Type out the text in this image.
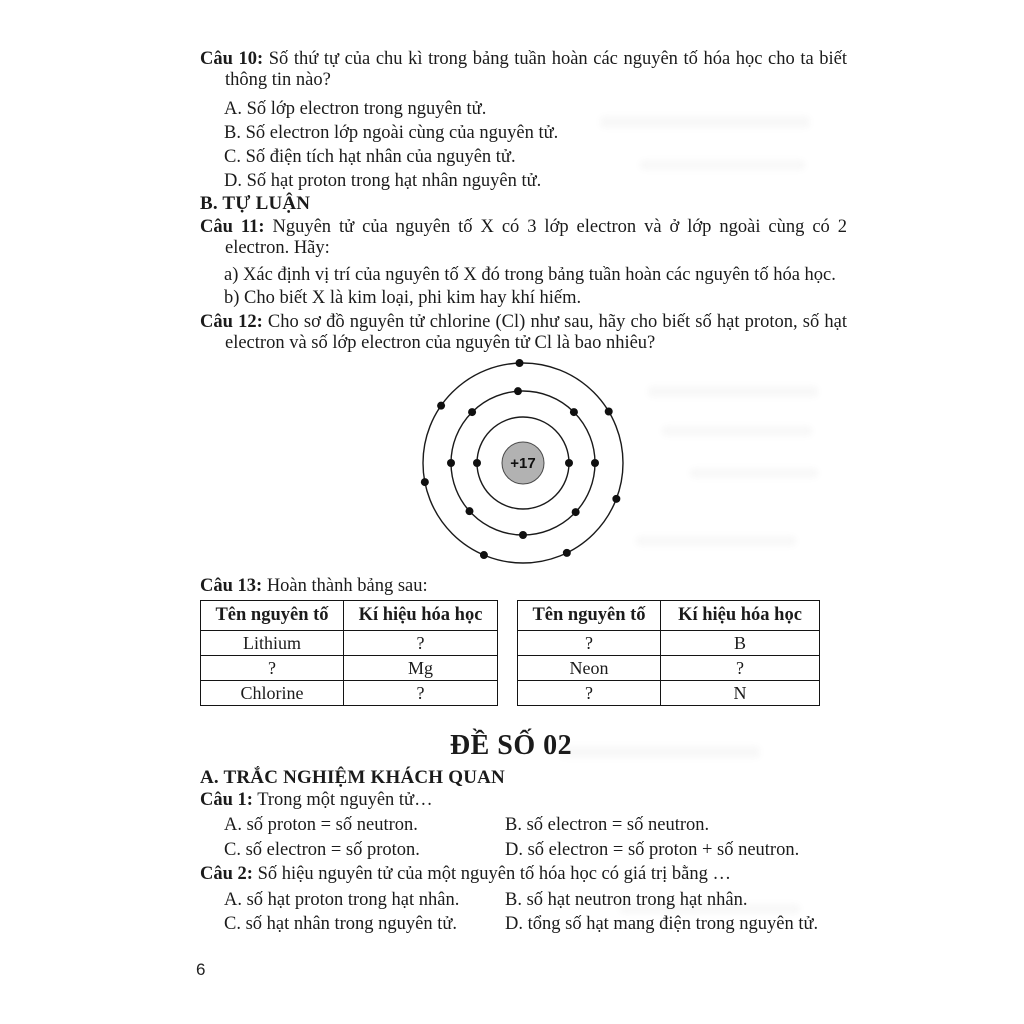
Câu 10: Số thứ tự của chu kì trong bảng tuần hoàn các nguyên tố hóa học cho ta biết thông tin nào?
A. Số lớp electron trong nguyên tử.
B. Số electron lớp ngoài cùng của nguyên tử.
C. Số điện tích hạt nhân của nguyên tử.
D. Số hạt proton trong hạt nhân nguyên tử.
B. TỰ LUẬN
Câu 11: Nguyên tử của nguyên tố X có 3 lớp electron và ở lớp ngoài cùng có 2 electron. Hãy:
a) Xác định vị trí của nguyên tố X đó trong bảng tuần hoàn các nguyên tố hóa học.
b) Cho biết X là kim loại, phi kim hay khí hiếm.
Câu 12: Cho sơ đồ nguyên tử chlorine (Cl) như sau, hãy cho biết số hạt proton, số hạt electron và số lớp electron của nguyên tử Cl là bao nhiêu?
+17
Câu 13: Hoàn thành bảng sau:
Tên nguyên tố	Kí hiệu hóa học
Lithium	?
?	Mg
Chlorine	?
Tên nguyên tố	Kí hiệu hóa học
?	B
Neon	?
?	N
ĐỀ SỐ 02
A. TRẮC NGHIỆM KHÁCH QUAN
Câu 1: Trong một nguyên tử…
A. số proton = số neutron.	B. số electron = số neutron.
C. số electron = số proton.	D. số electron = số proton + số neutron.
Câu 2: Số hiệu nguyên tử của một nguyên tố hóa học có giá trị bằng …
A. số hạt proton trong hạt nhân.	B. số hạt neutron trong hạt nhân.
C. số hạt nhân trong nguyên tử.	D. tổng số hạt mang điện trong nguyên tử.
6
